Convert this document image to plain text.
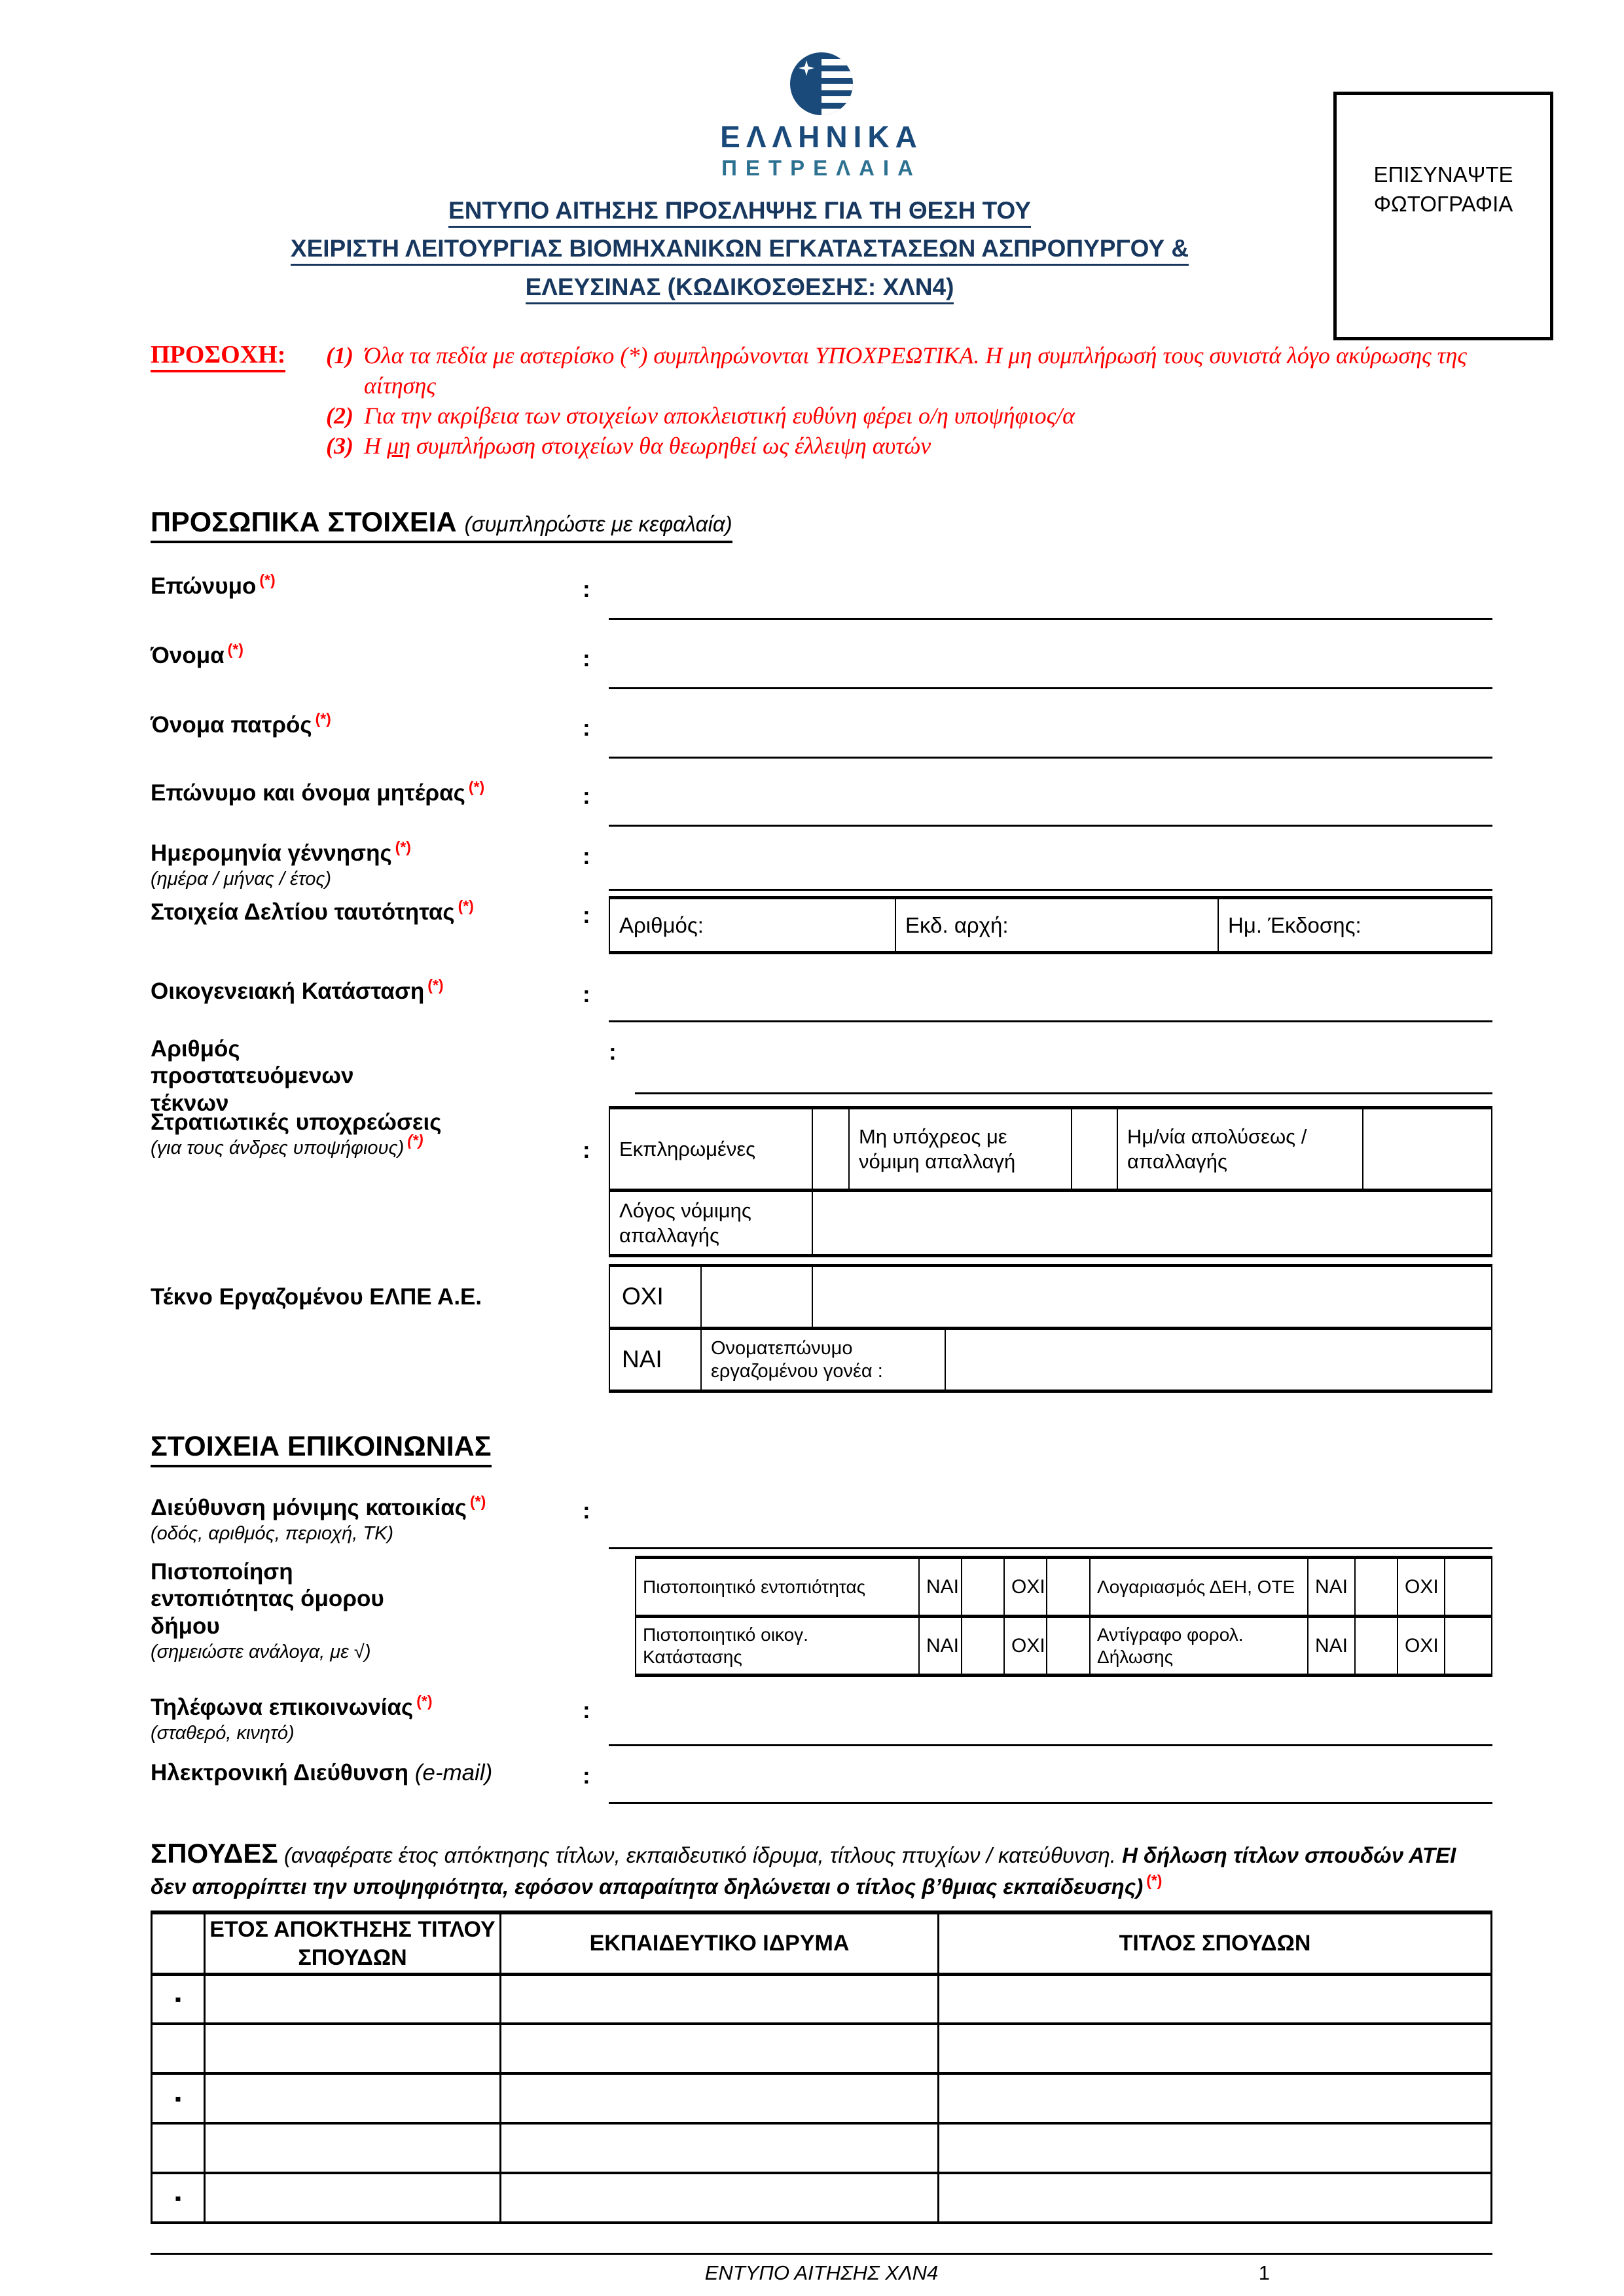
ΕΛΛΗΝΙΚΑ
ΠΕΤΡΕΛΑΙΑ
ΕΝΤΥΠΟ ΑΙΤΗΣΗΣ ΠΡΟΣΛΗΨΗΣ ΓΙΑ ΤΗ ΘΕΣΗ ΤΟΥ
ΧΕΙΡΙΣΤΗ ΛΕΙΤΟΥΡΓΙΑΣ ΒΙΟΜΗΧΑΝΙΚΩΝ ΕΓΚΑΤΑΣΤΑΣΕΩΝ ΑΣΠΡΟΠΥΡΓΟΥ &
ΕΛΕΥΣΙΝΑΣ (ΚΩΔΙΚΟΣΘΕΣΗΣ: ΧΛΝ4)
ΠΡΟΣΟΧΗ:	(1) Όλα τα πεδία με αστερίσκο (*) συμπληρώνονται ΥΠΟΧΡΕΩΤΙΚΑ. Η μη συμπλήρωσή τους συνιστά λόγο ακύρωσης της αίτησης
(2) Για την ακρίβεια των στοιχείων αποκλειστική ευθύνη φέρει ο/η υποψήφιος/α
(3) Η μη συμπλήρωση στοιχείων θα θεωρηθεί ως έλλειψη αυτών
ΠΡΟΣΩΠΙΚΑ ΣΤΟΙΧΕΙΑ (συμπληρώστε με κεφαλαία)
Επώνυμο (*)	:
Όνομα (*)	:
Όνομα πατρός (*)	:
Επώνυμο και όνομα μητέρας (*)	:
Ημερομηνία γέννησης (*)
(ημέρα / μήνας / έτος)
:
Στοιχεία Δελτίου ταυτότητας (*)	:	Αριθμός:	Εκδ. αρχή:	Ημ. Έκδοσης:
Οικογενειακή Κατάσταση (*)	:
Αριθμός προστατευόμενων τέκνων
:
Στρατιωτικές υποχρεώσεις
(για τους άνδρες υποψήφιους) (*)	:	Εκπληρωμένες		Μη υπόχρεος με νόμιμη απαλλαγή		Ημ/νία απολύσεως /απαλλαγής	
Λόγος νόμιμης απαλλαγής					
Τέκνο Εργαζομένου ΕΛΠΕ Α.Ε.	ΟΧΙ			
ΝΑΙ	Ονοματεπώνυμο εργαζομένου γονέα :		
ΣΤΟΙΧΕΙΑ ΕΠΙΚΟΙΝΩΝΙΑΣ
Διεύθυνση μόνιμης κατοικίας (*)
(οδός, αριθμός, περιοχή, ΤΚ)
:
Πιστοποίηση εντοπιότητας όμορου δήμου
(σημειώστε ανάλογα, με √)
Πιστοποιητικό εντοπιότητας	ΝΑΙ		ΟΧΙ		Λογαριασμός ΔΕΗ, ΟΤΕ	ΝΑΙ		ΟΧΙ	
Πιστοποιητικό οικογ. Κατάστασης	ΝΑΙ		ΟΧΙ		Αντίγραφο φορολ. Δήλωσης	ΝΑΙ		ΟΧΙ	
Τηλέφωνα επικοινωνίας (*)
(σταθερό, κινητό)
:
Ηλεκτρονική Διεύθυνση (e-mail)	:
ΣΠΟΥΔΕΣ (αναφέρατε έτος απόκτησης τίτλων, εκπαιδευτικό ίδρυμα, τίτλους πτυχίων / κατεύθυνση. Η δήλωση τίτλων σπουδών ΑΤΕΙ δεν απορρίπτει την υποψηφιότητα, εφόσον απαραίτητα δηλώνεται ο τίτλος β’θμιας εκπαίδευσης) (*)
	ΕΤΟΣ ΑΠΟΚΤΗΣΗΣ ΤΙΤΛΟΥ ΣΠΟΥΔΩΝ	ΕΚΠΑΙΔΕΥΤΙΚΟ ΙΔΡΥΜΑ	ΤΙΤΛΟΣ ΣΠΟΥΔΩΝ
▪			

▪			

▪			
ΕΝΤΥΠΟ ΑΙΤΗΣΗΣ ΧΛΝ4	1
ΕΠΙΣΥΝΑΨΤΕ ΦΩΤΟΓΡΑΦΙΑ
